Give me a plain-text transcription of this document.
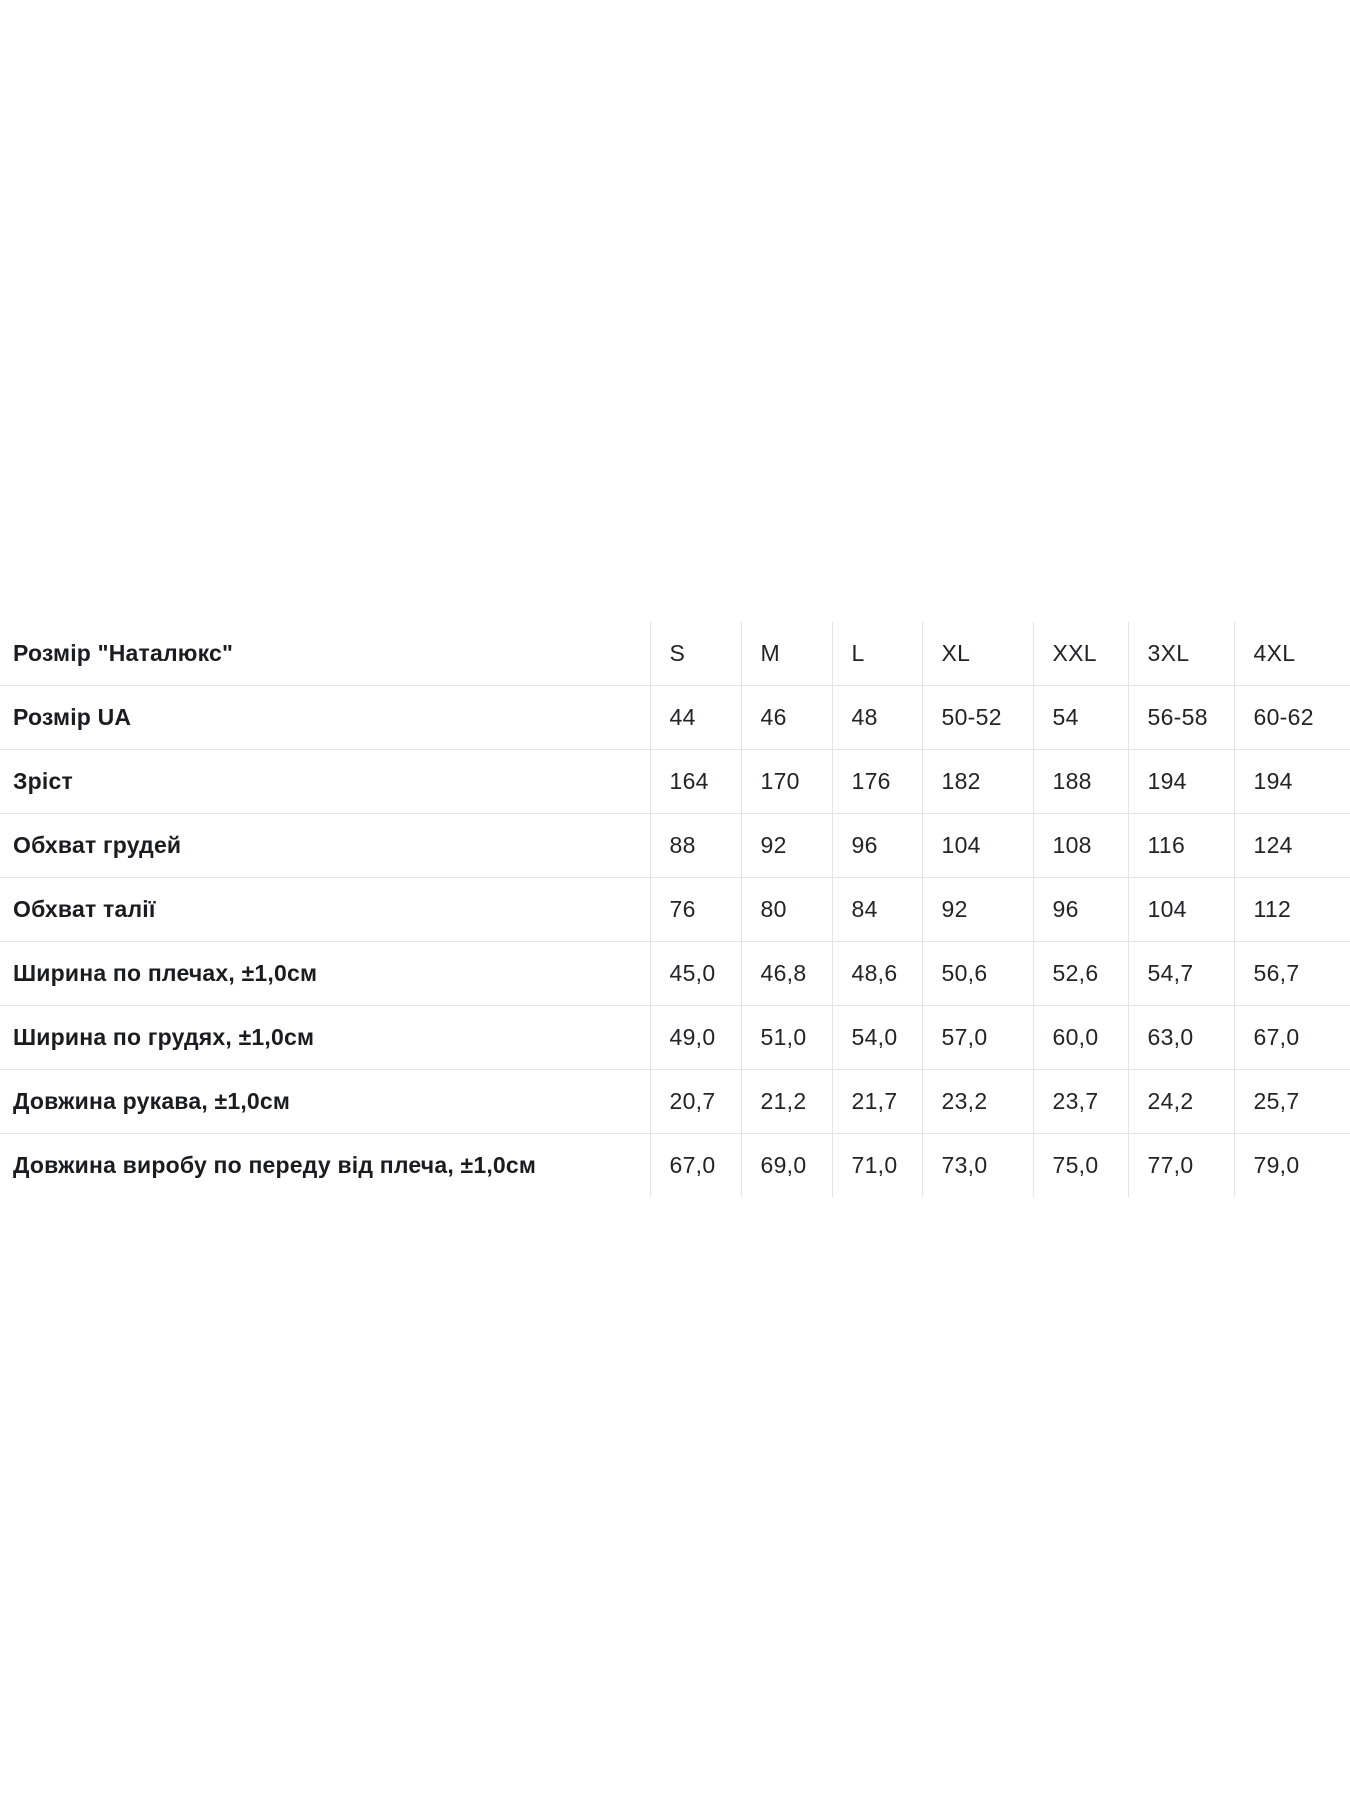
Розмір "Наталюкс"	S	M	L	XL	XXL	3XL	4XL
Розмір UA	44	46	48	50-52	54	56-58	60-62
Зріст	164	170	176	182	188	194	194
Обхват грудей	88	92	96	104	108	116	124
Обхват талії	76	80	84	92	96	104	112
Ширина по плечах, ±1,0см	45,0	46,8	48,6	50,6	52,6	54,7	56,7
Ширина по грудях, ±1,0см	49,0	51,0	54,0	57,0	60,0	63,0	67,0
Довжина рукава, ±1,0см	20,7	21,2	21,7	23,2	23,7	24,2	25,7
Довжина виробу по переду від плеча, ±1,0см	67,0	69,0	71,0	73,0	75,0	77,0	79,0
